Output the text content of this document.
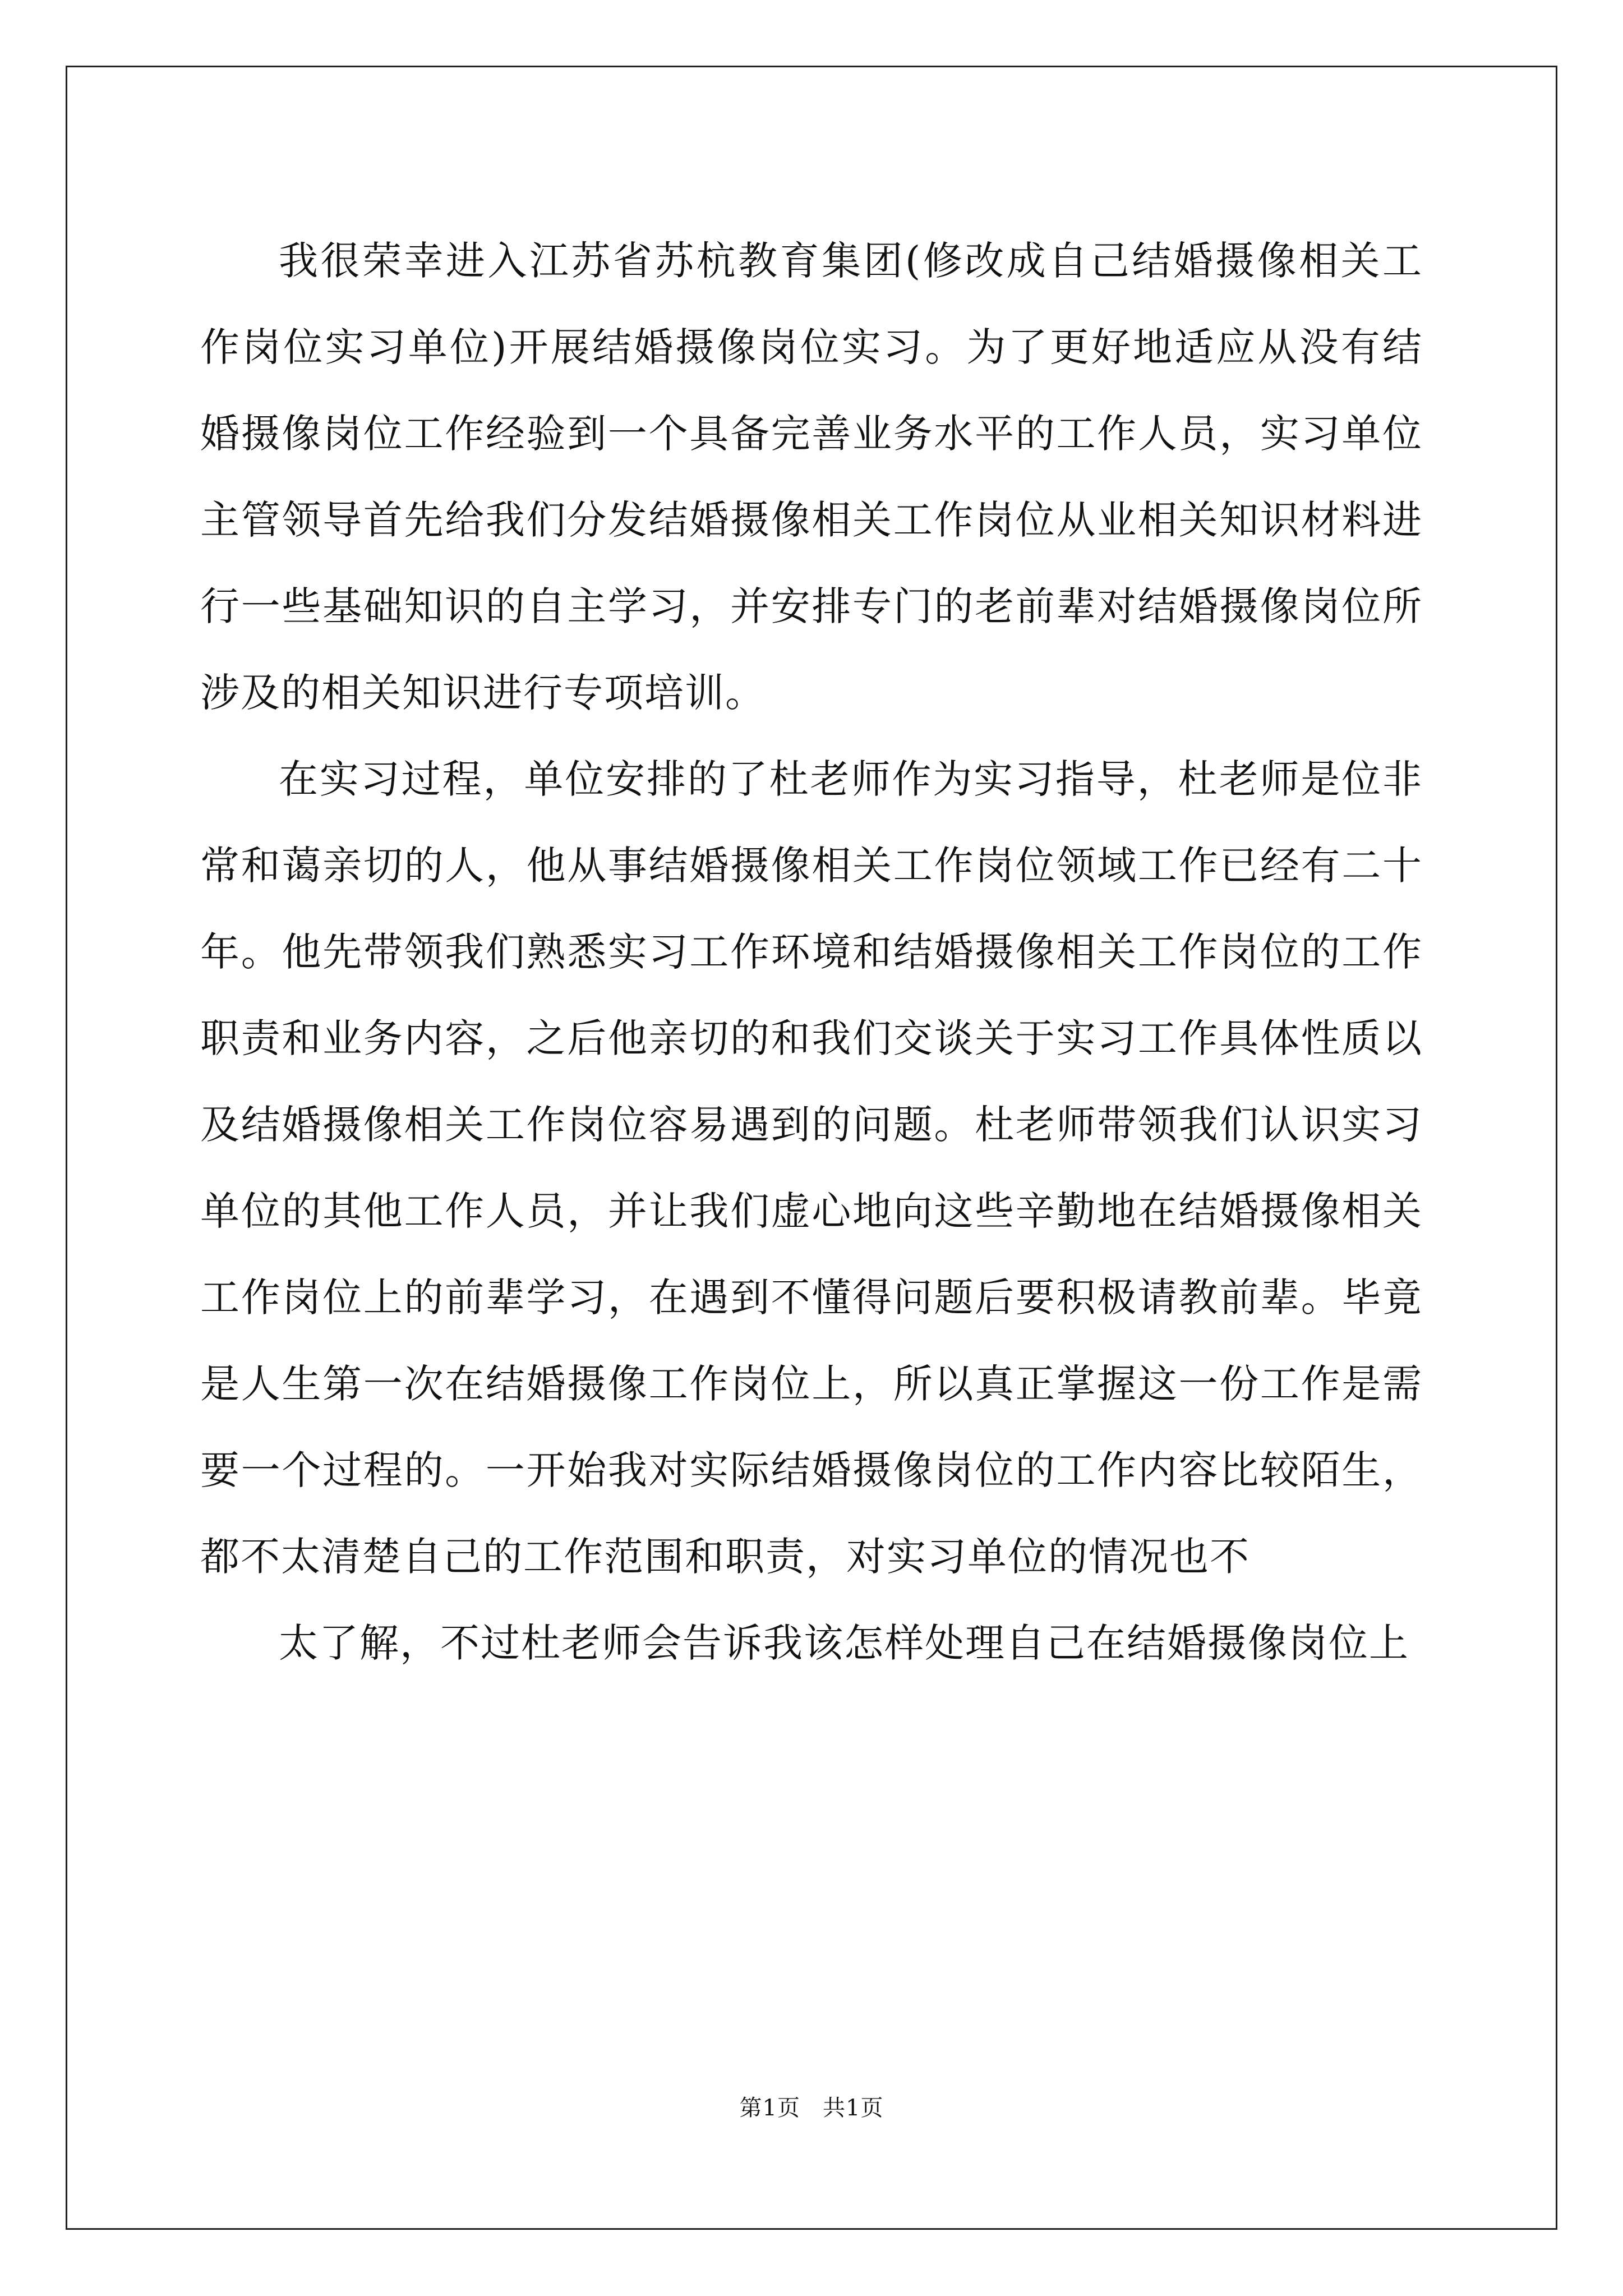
我很荣幸进入江苏省苏杭教育集团(修改成自己结婚摄像相关工作岗位实习单位)开展结婚摄像岗位实习。为了更好地适应从没有结婚摄像岗位工作经验到一个具备完善业务水平的工作人员，实习单位主管领导首先给我们分发结婚摄像相关工作岗位从业相关知识材料进行一些基础知识的自主学习，并安排专门的老前辈对结婚摄像岗位所涉及的相关知识进行专项培训。

在实习过程，单位安排的了杜老师作为实习指导，杜老师是位非常和蔼亲切的人，他从事结婚摄像相关工作岗位领域工作已经有二十年。他先带领我们熟悉实习工作环境和结婚摄像相关工作岗位的工作职责和业务内容，之后他亲切的和我们交谈关于实习工作具体性质以及结婚摄像相关工作岗位容易遇到的问题。杜老师带领我们认识实习单位的其他工作人员，并让我们虚心地向这些辛勤地在结婚摄像相关工作岗位上的前辈学习，在遇到不懂得问题后要积极请教前辈。毕竟是人生第一次在结婚摄像工作岗位上，所以真正掌握这一份工作是需要一个过程的。一开始我对实际结婚摄像岗位的工作内容比较陌生，都不太清楚自己的工作范围和职责，对实习单位的情况也不

太了解，不过杜老师会告诉我该怎样处理自己在结婚摄像岗位上

第1页 共1页
